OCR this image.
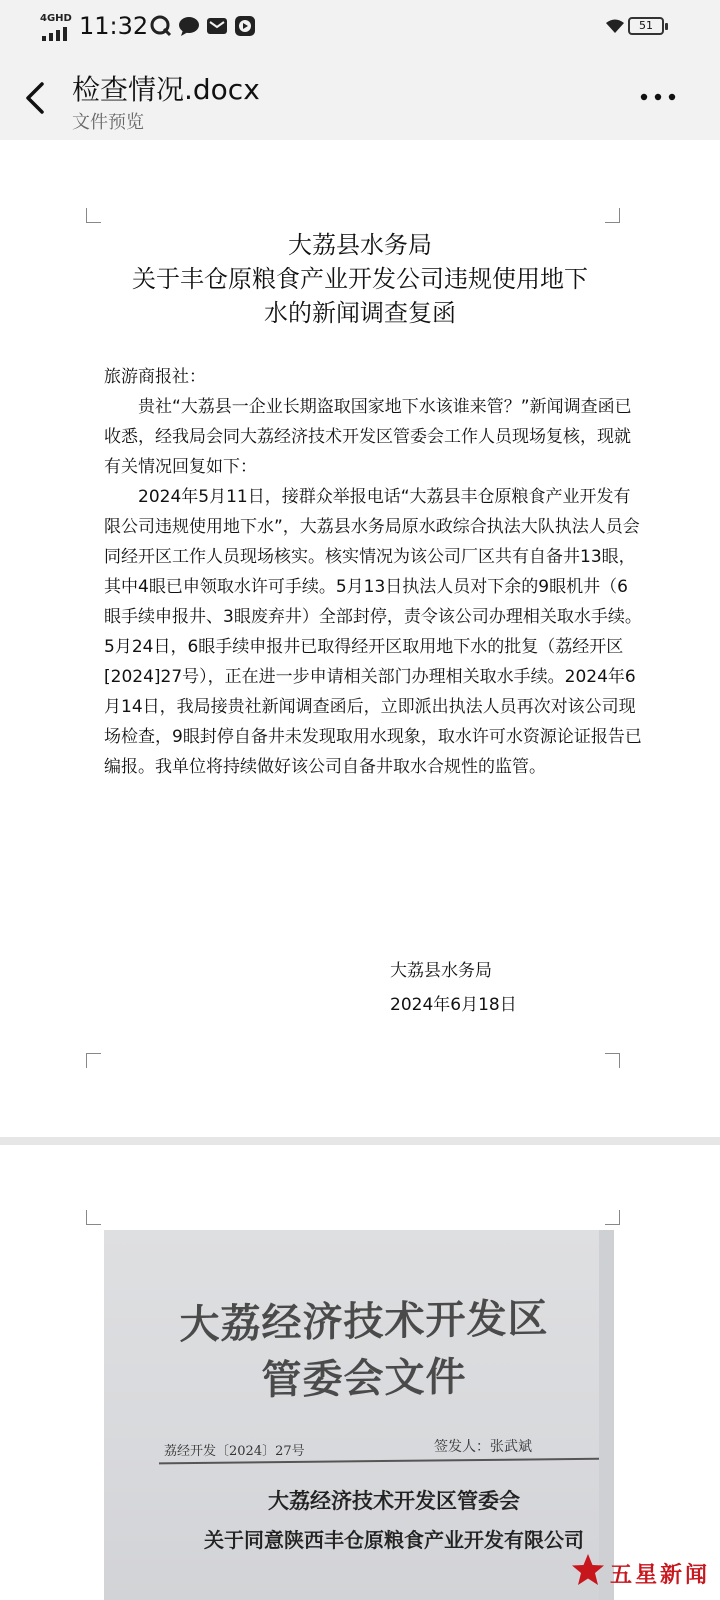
4GHD 11:32	51
检查情况.docx
文件预览
大荔县水务局
关于丰仓原粮食产业开发公司违规使用地下
水的新闻调查复函

旅游商报社：

贵社“大荔县一企业长期盗取国家地下水该谁来管？”新闻调查函已收悉，经我局会同大荔经济技术开发区管委会工作人员现场复核，现就有关情况回复如下：

2024年5月11日，接群众举报电话“大荔县丰仓原粮食产业开发有限公司违规使用地下水”，大荔县水务局原水政综合执法大队执法人员会同经开区工作人员现场核实。核实情况为该公司厂区共有自备井13眼，其中4眼已申领取水许可手续。5月13日执法人员对下余的9眼机井（6眼手续申报井、3眼废弃井）全部封停，责令该公司办理相关取水手续。5月24日，6眼手续申报井已取得经开区取用地下水的批复（荔经开区[2024]27号），正在进一步申请相关部门办理相关取水手续。2024年6月14日，我局接贵社新闻调查函后，立即派出执法人员再次对该公司现场检查，9眼封停自备井未发现取用水现象，取水许可水资源论证报告已编报。我单位将持续做好该公司自备井取水合规性的监管。

大荔县水务局
2024年6月18日
大荔经济技术开发区管委会文件
荔经开发〔2024〕27号	签发人：张武斌
大荔经济技术开发区管委会
关于同意陕西丰仓原粮食产业开发有限公司
五星新闻
